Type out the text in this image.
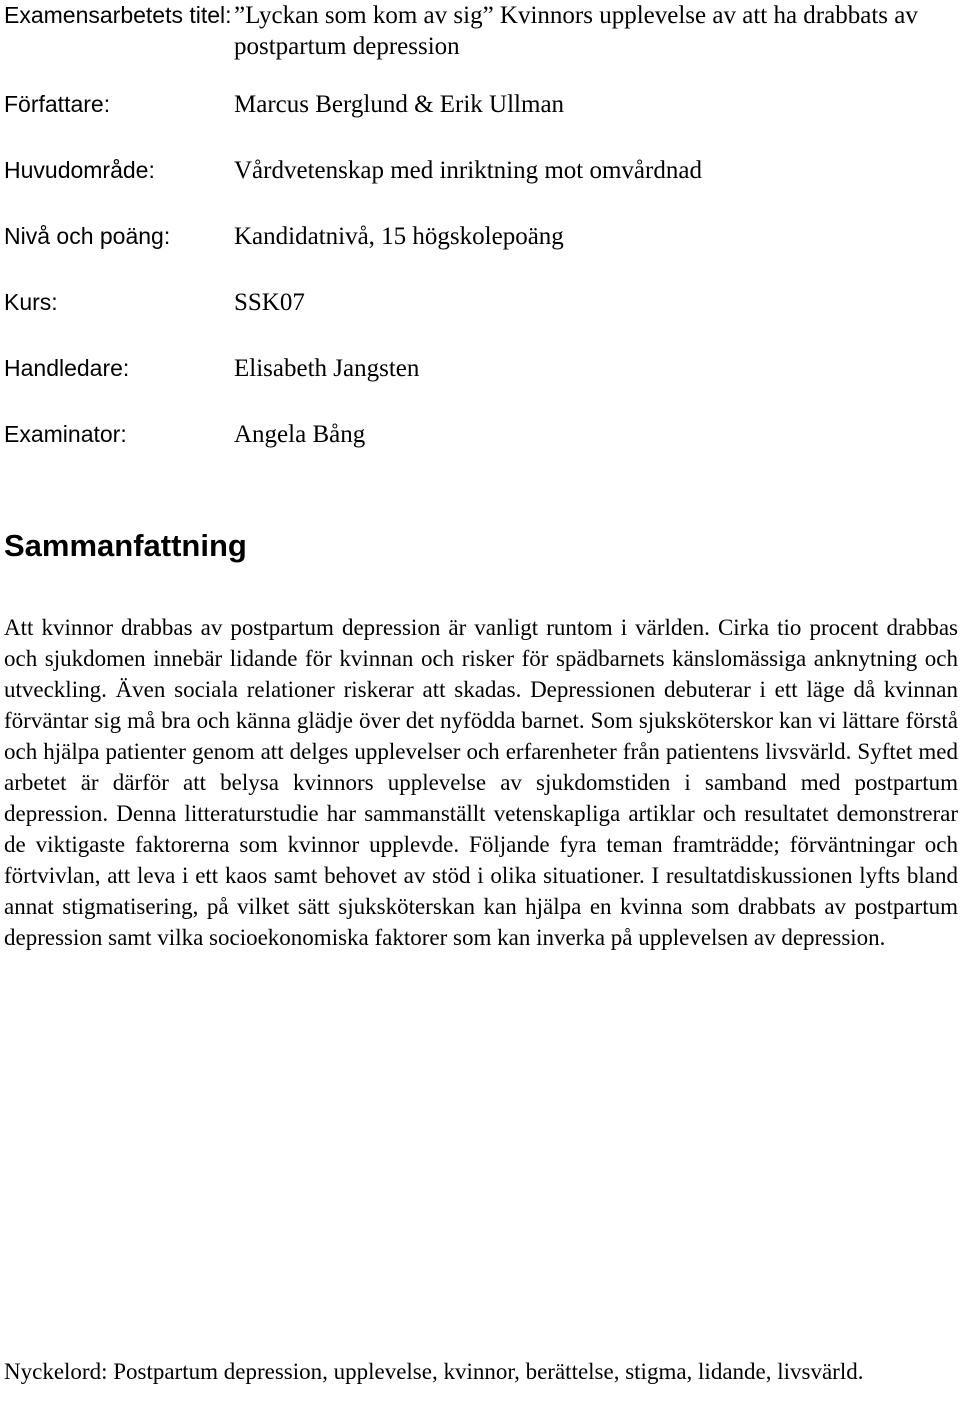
Examensarbetets titel: ”Lyckan som kom av sig” Kvinnors upplevelse av att ha drabbats av postpartum depression
Författare:	Marcus Berglund & Erik Ullman
Huvudområde:	Vårdvetenskap med inriktning mot omvårdnad
Nivå och poäng:	Kandidatnivå, 15 högskolepoäng
Kurs:	SSK07
Handledare:	Elisabeth Jangsten
Examinator:	Angela Bång
Sammanfattning

Att kvinnor drabbas av postpartum depression är vanligt runtom i världen. Cirka tio procent drabbas och sjukdomen innebär lidande för kvinnan och risker för spädbarnets känslomässiga anknytning och utveckling. Även sociala relationer riskerar att skadas. Depressionen debuterar i ett läge då kvinnan förväntar sig må bra och känna glädje över det nyfödda barnet. Som sjuksköterskor kan vi lättare förstå och hjälpa patienter genom att delges upplevelser och erfarenheter från patientens livsvärld. Syftet med arbetet är därför att belysa kvinnors upplevelse av sjukdomstiden i samband med postpartum depression. Denna litteraturstudie har sammanställt vetenskapliga artiklar och resultatet demonstrerar de viktigaste faktorerna som kvinnor upplevde. Följande fyra teman framträdde; förväntningar och förtvivlan, att leva i ett kaos samt behovet av stöd i olika situationer. I resultatdiskussionen lyfts bland annat stigmatisering, på vilket sätt sjuksköterskan kan hjälpa en kvinna som drabbats av postpartum depression samt vilka socioekonomiska faktorer som kan inverka på upplevelsen av depression.

Nyckelord: Postpartum depression, upplevelse, kvinnor, berättelse, stigma, lidande, livsvärld.
